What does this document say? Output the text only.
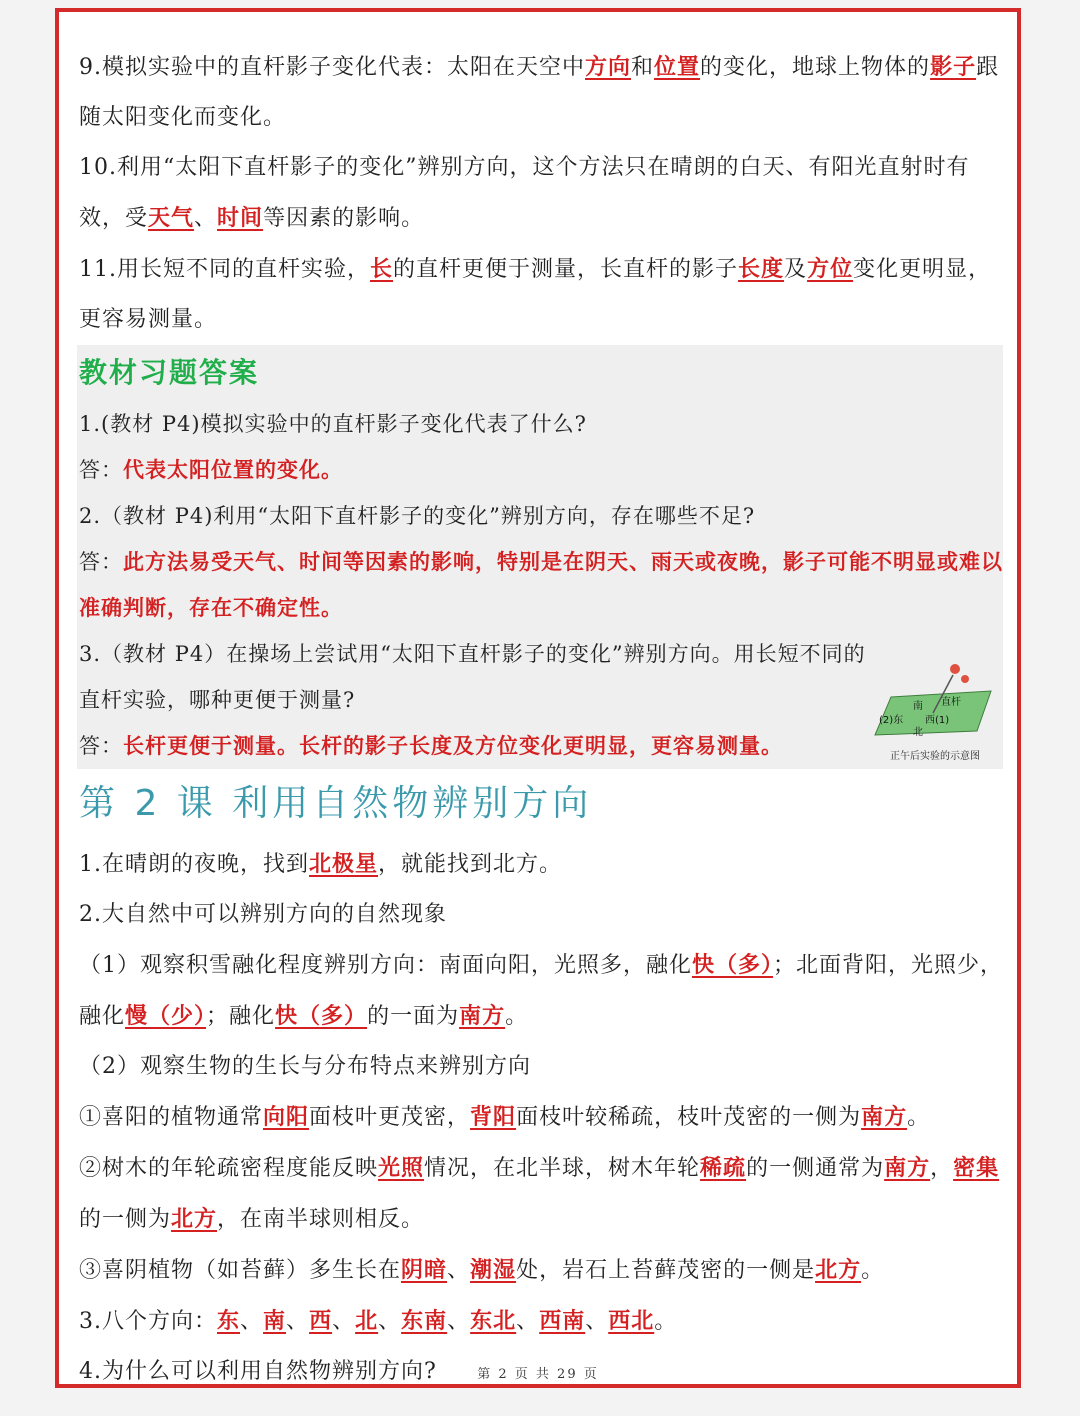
9.模拟实验中的直杆影子变化代表：太阳在天空中方向和位置的变化，地球上物体的影子跟随太阳变化而变化。
10.利用“太阳下直杆影子的变化”辨别方向，这个方法只在晴朗的白天、有阳光直射时有效，受天气、时间等因素的影响。
11.用长短不同的直杆实验，长的直杆更便于测量，长直杆的影子长度及方位变化更明显，更容易测量。
教材习题答案
1.(教材 P4)模拟实验中的直杆影子变化代表了什么?
答：代表太阳位置的变化。
2.（教材 P4)利用“太阳下直杆影子的变化”辨别方向，存在哪些不足?
答：此方法易受天气、时间等因素的影响，特别是在阴天、雨天或夜晚，影子可能不明显或难以准确判断，存在不确定性。
3.（教材 P4）在操场上尝试用“太阳下直杆影子的变化”辨别方向。用长短不同的直杆实验，哪种更便于测量?
答：长杆更便于测量。长杆的影子长度及方位变化更明显，更容易测量。
南 直杆
(2)东 西(1)
北
正午后实验的示意图
第 2 课 利用自然物辨别方向
1.在晴朗的夜晚，找到北极星，就能找到北方。
2.大自然中可以辨别方向的自然现象
（1）观察积雪融化程度辨别方向：南面向阳，光照多，融化快（多）；北面背阳，光照少，融化慢（少）；融化快（多）的一面为南方。
（2）观察生物的生长与分布特点来辨别方向
①喜阳的植物通常向阳面枝叶更茂密，背阳面枝叶较稀疏，枝叶茂密的一侧为南方。
②树木的年轮疏密程度能反映光照情况，在北半球，树木年轮稀疏的一侧通常为南方，密集的一侧为北方，在南半球则相反。
③喜阴植物（如苔藓）多生长在阴暗、潮湿处，岩石上苔藓茂密的一侧是北方。
3.八个方向：东、南、西、北、东南、东北、西南、西北。
4.为什么可以利用自然物辨别方向?	第 2 页 共 29 页
